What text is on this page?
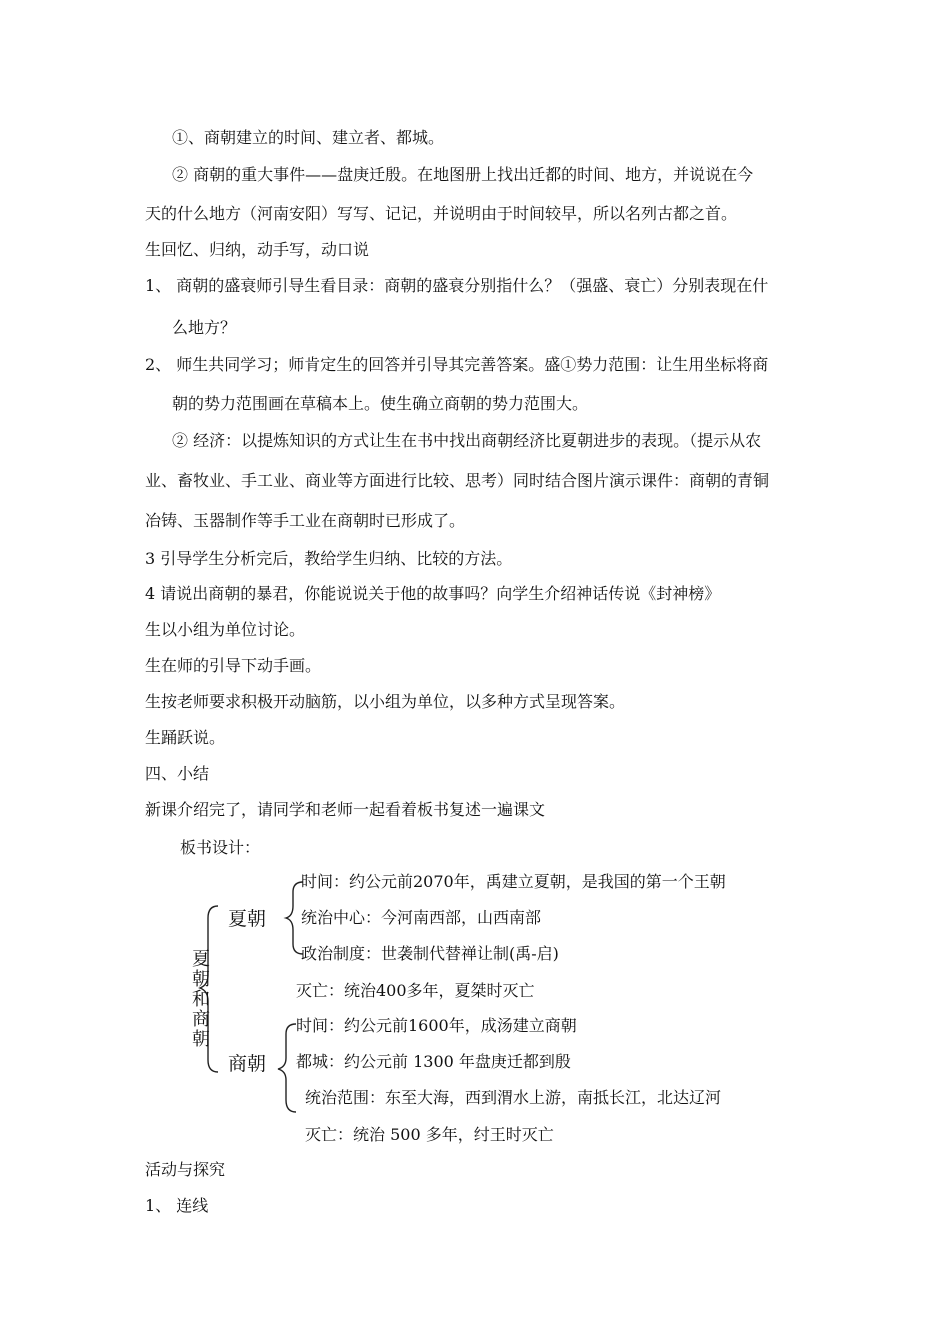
①、商朝建立的时间、建立者、都城。
② 商朝的重大事件——盘庚迁殷。在地图册上找出迁都的时间、地方，并说说在今
天的什么地方（河南安阳）写写、记记，并说明由于时间较早，所以名列古都之首。
生回忆、归纳，动手写，动口说
1、 商朝的盛衰师引导生看目录：商朝的盛衰分别指什么？（强盛、衰亡）分别表现在什
么地方？
2、 师生共同学习；师肯定生的回答并引导其完善答案。盛①势力范围：让生用坐标将商
朝的势力范围画在草稿本上。使生确立商朝的势力范围大。
② 经济：以提炼知识的方式让生在书中找出商朝经济比夏朝进步的表现。（提示从农
业、畜牧业、手工业、商业等方面进行比较、思考）同时结合图片演示课件：商朝的青铜
冶铸、玉器制作等手工业在商朝时已形成了。
3 引导学生分析完后，教给学生归纳、比较的方法。
4 请说出商朝的暴君，你能说说关于他的故事吗？向学生介绍神话传说《封神榜》
生以小组为单位讨论。
生在师的引导下动手画。
生按老师要求积极开动脑筋，以小组为单位，以多种方式呈现答案。
生踊跃说。
四、小结
新课介绍完了，请同学和老师一起看着板书复述一遍课文
板书设计：
夏
朝
和
商
朝
夏朝
时间：约公元前2070年，禹建立夏朝，是我国的第一个王朝
统治中心：今河南西部，山西南部
政治制度：世袭制代替禅让制(禹-启)
灭亡：统治400多年，夏桀时灭亡
商朝
时间：约公元前1600年，成汤建立商朝
都城：约公元前 1300 年盘庚迁都到殷
统治范围：东至大海，西到渭水上游，南抵长江，北达辽河
灭亡：统治 500 多年，纣王时灭亡
活动与探究
1、 连线
